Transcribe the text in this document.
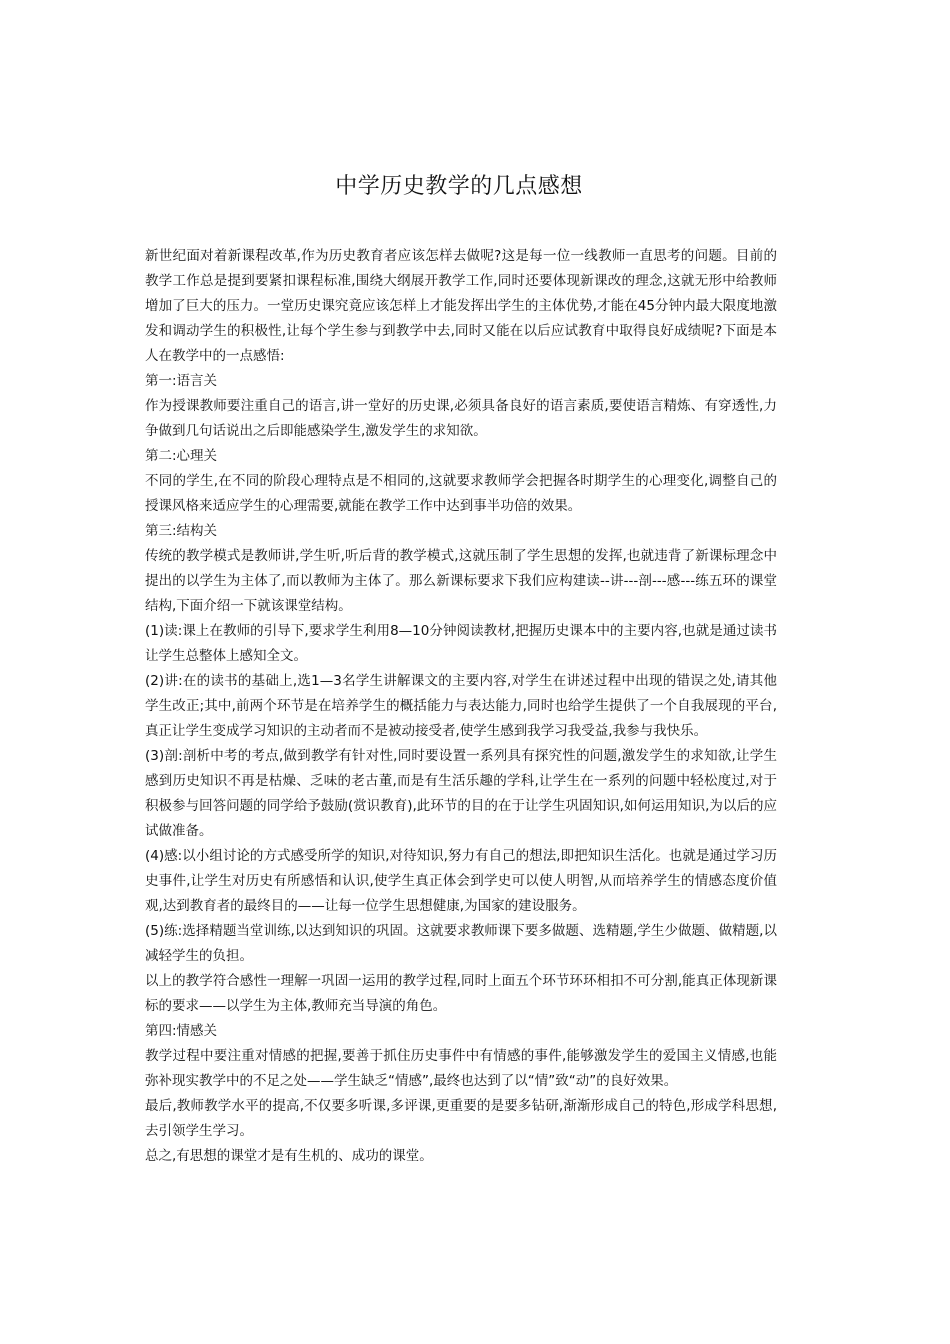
中学历史教学的几点感想

新世纪面对着新课程改革,作为历史教育者应该怎样去做呢?这是每一位一线教师一直思考的问题。目前的教学工作总是提到要紧扣课程标准,围绕大纲展开教学工作,同时还要体现新课改的理念,这就无形中给教师增加了巨大的压力。一堂历史课究竟应该怎样上才能发挥出学生的主体优势,才能在45分钟内最大限度地激发和调动学生的积极性,让每个学生参与到教学中去,同时又能在以后应试教育中取得良好成绩呢?下面是本人在教学中的一点感悟:

第一:语言关

作为授课教师要注重自己的语言,讲一堂好的历史课,必须具备良好的语言素质,要使语言精炼、有穿透性,力争做到几句话说出之后即能感染学生,激发学生的求知欲。

第二:心理关

不同的学生,在不同的阶段心理特点是不相同的,这就要求教师学会把握各时期学生的心理变化,调整自己的授课风格来适应学生的心理需要,就能在教学工作中达到事半功倍的效果。

第三:结构关

传统的教学模式是教师讲,学生听,听后背的教学模式,这就压制了学生思想的发挥,也就违背了新课标理念中提出的以学生为主体了,而以教师为主体了。那么新课标要求下我们应构建读--讲---剖---感---练五环的课堂结构,下面介绍一下就该课堂结构。

(1)读:课上在教师的引导下,要求学生利用8—10分钟阅读教材,把握历史课本中的主要内容,也就是通过读书让学生总整体上感知全文。

(2)讲:在的读书的基础上,选1—3名学生讲解课文的主要内容,对学生在讲述过程中出现的错误之处,请其他学生改正;其中,前两个环节是在培养学生的概括能力与表达能力,同时也给学生提供了一个自我展现的平台,真正让学生变成学习知识的主动者而不是被动接受者,使学生感到我学习我受益,我参与我快乐。

(3)剖:剖析中考的考点,做到教学有针对性,同时要设置一系列具有探究性的问题,激发学生的求知欲,让学生感到历史知识不再是枯燥、乏味的老古董,而是有生活乐趣的学科,让学生在一系列的问题中轻松度过,对于积极参与回答问题的同学给予鼓励(赏识教育),此环节的目的在于让学生巩固知识,如何运用知识,为以后的应试做准备。

(4)感:以小组讨论的方式感受所学的知识,对待知识,努力有自己的想法,即把知识生活化。也就是通过学习历史事件,让学生对历史有所感悟和认识,使学生真正体会到学史可以使人明智,从而培养学生的情感态度价值观,达到教育者的最终目的——让每一位学生思想健康,为国家的建设服务。

(5)练:选择精题当堂训练,以达到知识的巩固。这就要求教师课下要多做题、选精题,学生少做题、做精题,以减轻学生的负担。

以上的教学符合感性一理解一巩固一运用的教学过程,同时上面五个环节环环相扣不可分割,能真正体现新课标的要求——以学生为主体,教师充当导演的角色。

第四:情感关

教学过程中要注重对情感的把握,要善于抓住历史事件中有情感的事件,能够激发学生的爱国主义情感,也能弥补现实教学中的不足之处——学生缺乏“情感”,最终也达到了以“情”致“动”的良好效果。

最后,教师教学水平的提高,不仅要多听课,多评课,更重要的是要多钻研,渐渐形成自己的特色,形成学科思想,去引领学生学习。

总之,有思想的课堂才是有生机的、成功的课堂。
